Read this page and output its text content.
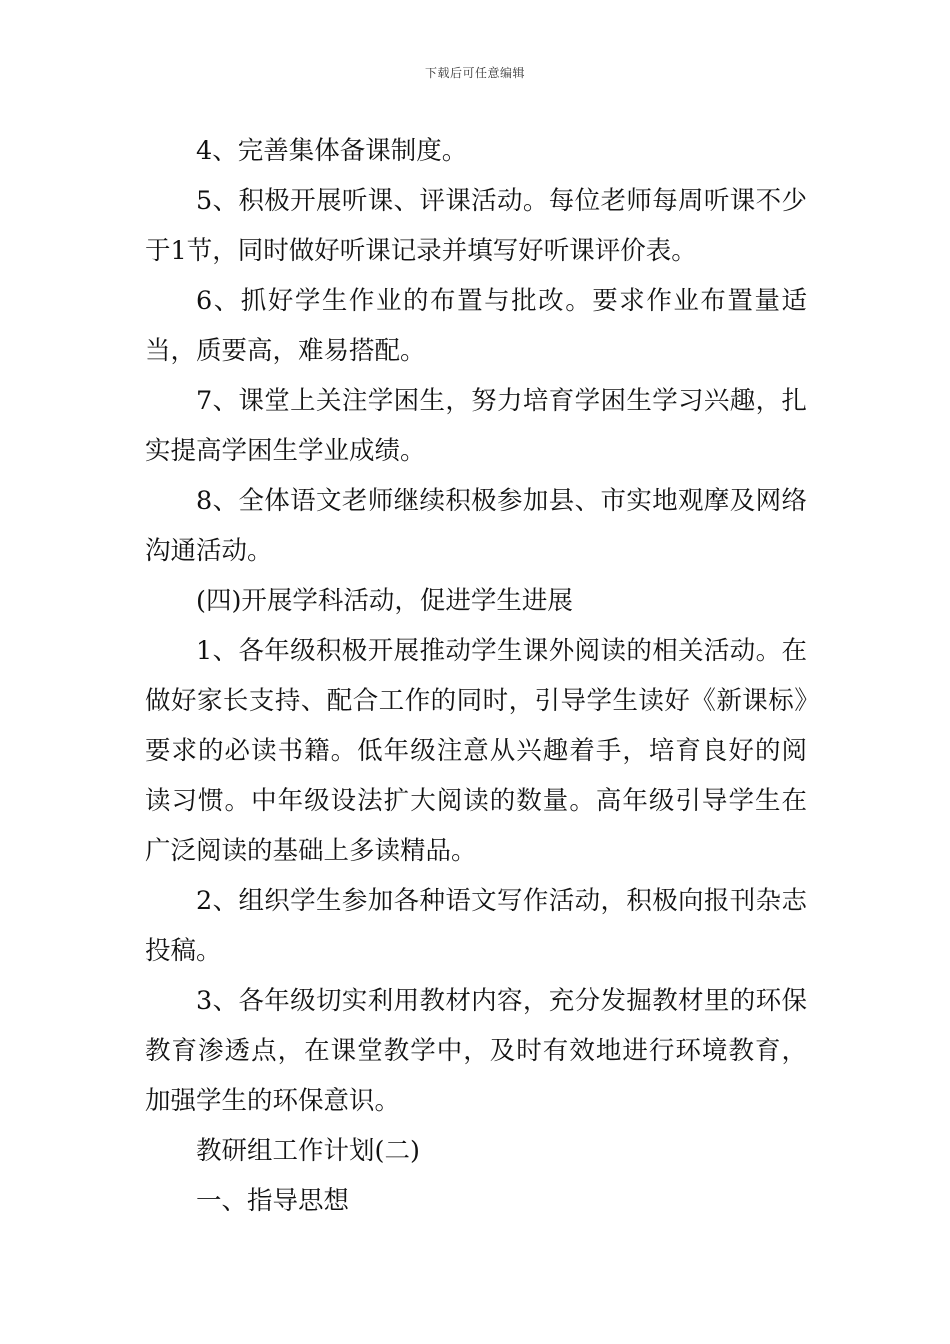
下载后可任意编辑

4、完善集体备课制度。

5、积极开展听课、评课活动。每位老师每周听课不少于1节，同时做好听课记录并填写好听课评价表。

6、抓好学生作业的布置与批改。要求作业布置量适当，质要高，难易搭配。

7、课堂上关注学困生，努力培育学困生学习兴趣，扎实提高学困生学业成绩。

8、全体语文老师继续积极参加县、市实地观摩及网络沟通活动。

(四)开展学科活动，促进学生进展

1、各年级积极开展推动学生课外阅读的相关活动。在做好家长支持、配合工作的同时，引导学生读好《新课标》要求的必读书籍。低年级注意从兴趣着手，培育良好的阅读习惯。中年级设法扩大阅读的数量。高年级引导学生在广泛阅读的基础上多读精品。

2、组织学生参加各种语文写作活动，积极向报刊杂志投稿。

3、各年级切实利用教材内容，充分发掘教材里的环保教育渗透点，在课堂教学中，及时有效地进行环境教育，加强学生的环保意识。

教研组工作计划(二)

一、指导思想
